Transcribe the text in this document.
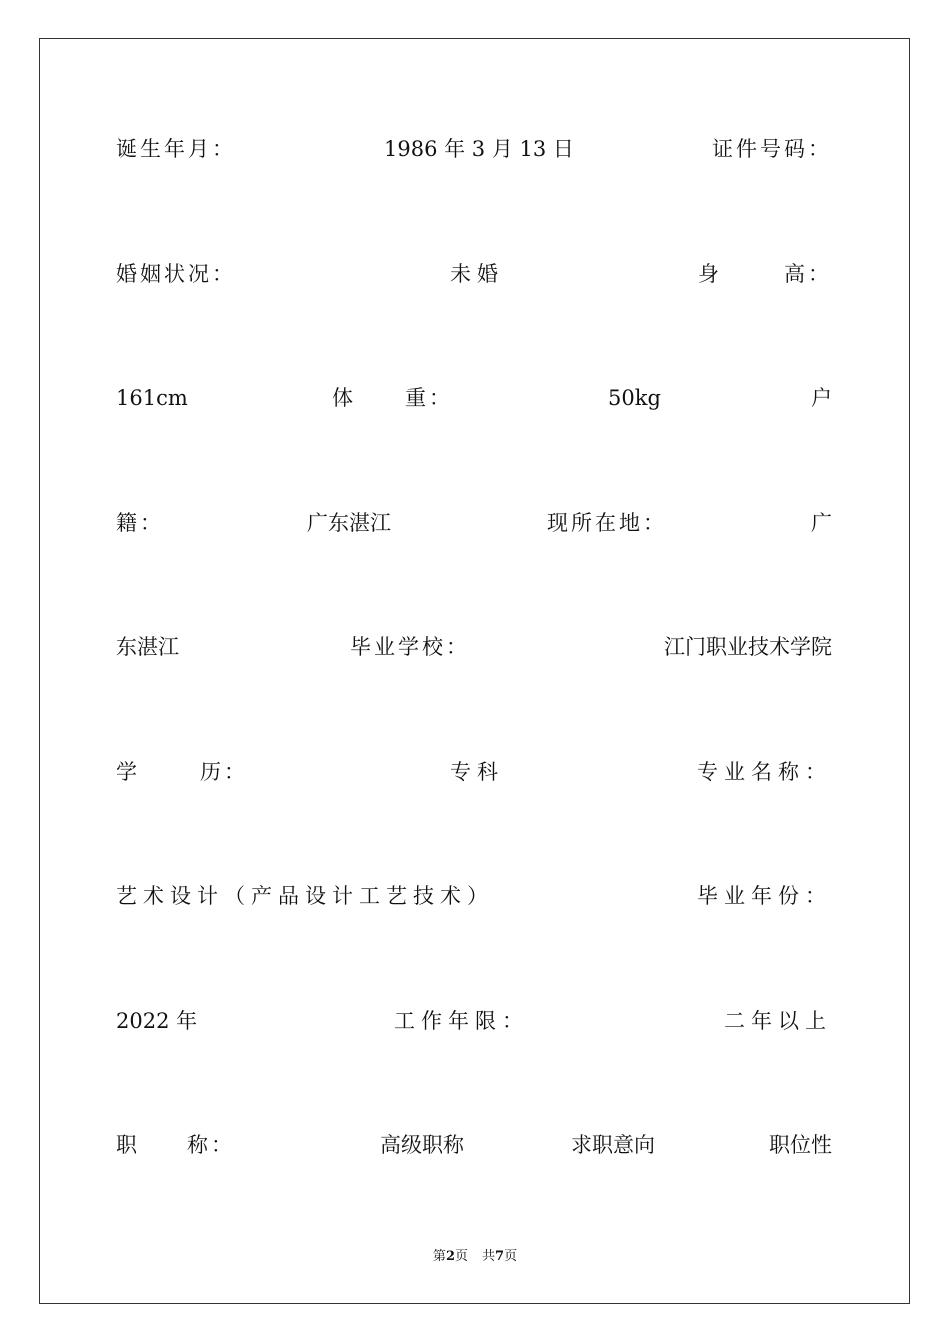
诞生年月：	1986 年 3 月 13 日	证件号码：
婚姻状况：	未婚	身	高：
161cm	体 重：	50kg	户
籍：	广东湛江	现所在地：	广
东湛江	毕业学校：	江门职业技术学院
学	历：	专科	专业名称：
艺术设计（产品设计工艺技术）	毕业年份：
2022 年	工作年限：	二年以上
职 称：	高级职称	求职意向	职位性
第2页 共7页
